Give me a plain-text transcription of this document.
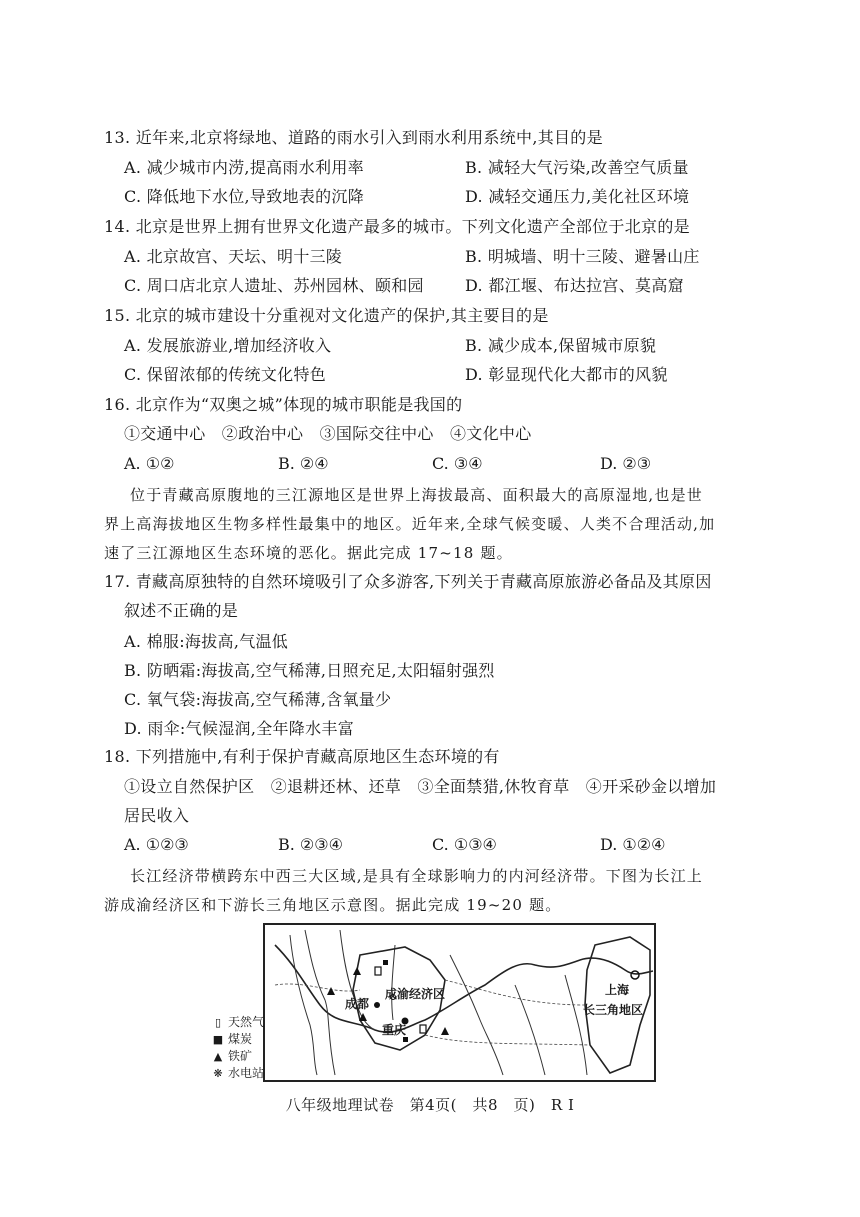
13. 近年来,北京将绿地、道路的雨水引入到雨水利用系统中,其目的是
A. 减少城市内涝,提高雨水利用率	B. 减轻大气污染,改善空气质量
C. 降低地下水位,导致地表的沉降	D. 减轻交通压力,美化社区环境
14. 北京是世界上拥有世界文化遗产最多的城市。下列文化遗产全部位于北京的是
A. 北京故宫、天坛、明十三陵	B. 明城墙、明十三陵、避暑山庄
C. 周口店北京人遗址、苏州园林、颐和园	D. 都江堰、布达拉宫、莫高窟
15. 北京的城市建设十分重视对文化遗产的保护,其主要目的是
A. 发展旅游业,增加经济收入	B. 减少成本,保留城市原貌
C. 保留浓郁的传统文化特色	D. 彰显现代化大都市的风貌
16. 北京作为“双奥之城”体现的城市职能是我国的
①交通中心　②政治中心　③国际交往中心　④文化中心
A. ①②	B. ②④	C. ③④	D. ②③
位于青藏高原腹地的三江源地区是世界上海拔最高、面积最大的高原湿地,也是世
界上高海拔地区生物多样性最集中的地区。近年来,全球气候变暖、人类不合理活动,加
速了三江源地区生态环境的恶化。据此完成 17~18 题。
17. 青藏高原独特的自然环境吸引了众多游客,下列关于青藏高原旅游必备品及其原因
叙述不正确的是
A. 棉服:海拔高,气温低
B. 防晒霜:海拔高,空气稀薄,日照充足,太阳辐射强烈
C. 氧气袋:海拔高,空气稀薄,含氧量少
D. 雨伞:气候湿润,全年降水丰富
18. 下列措施中,有利于保护青藏高原地区生态环境的有
①设立自然保护区　②退耕还林、还草　③全面禁猎,休牧育草　④开采砂金以增加
居民收入
A. ①②③	B. ②③④	C. ①③④	D. ①②④
长江经济带横跨东中西三大区域,是具有全球影响力的内河经济带。下图为长江上
游成渝经济区和下游长三角地区示意图。据此完成 19~20 题。
成都
成渝经济区
重庆
上海
长三角地区
▯ 天然气
■ 煤炭
▲ 铁矿
❋ 水电站
八年级地理试卷　第4页(　共8　页)　R I
